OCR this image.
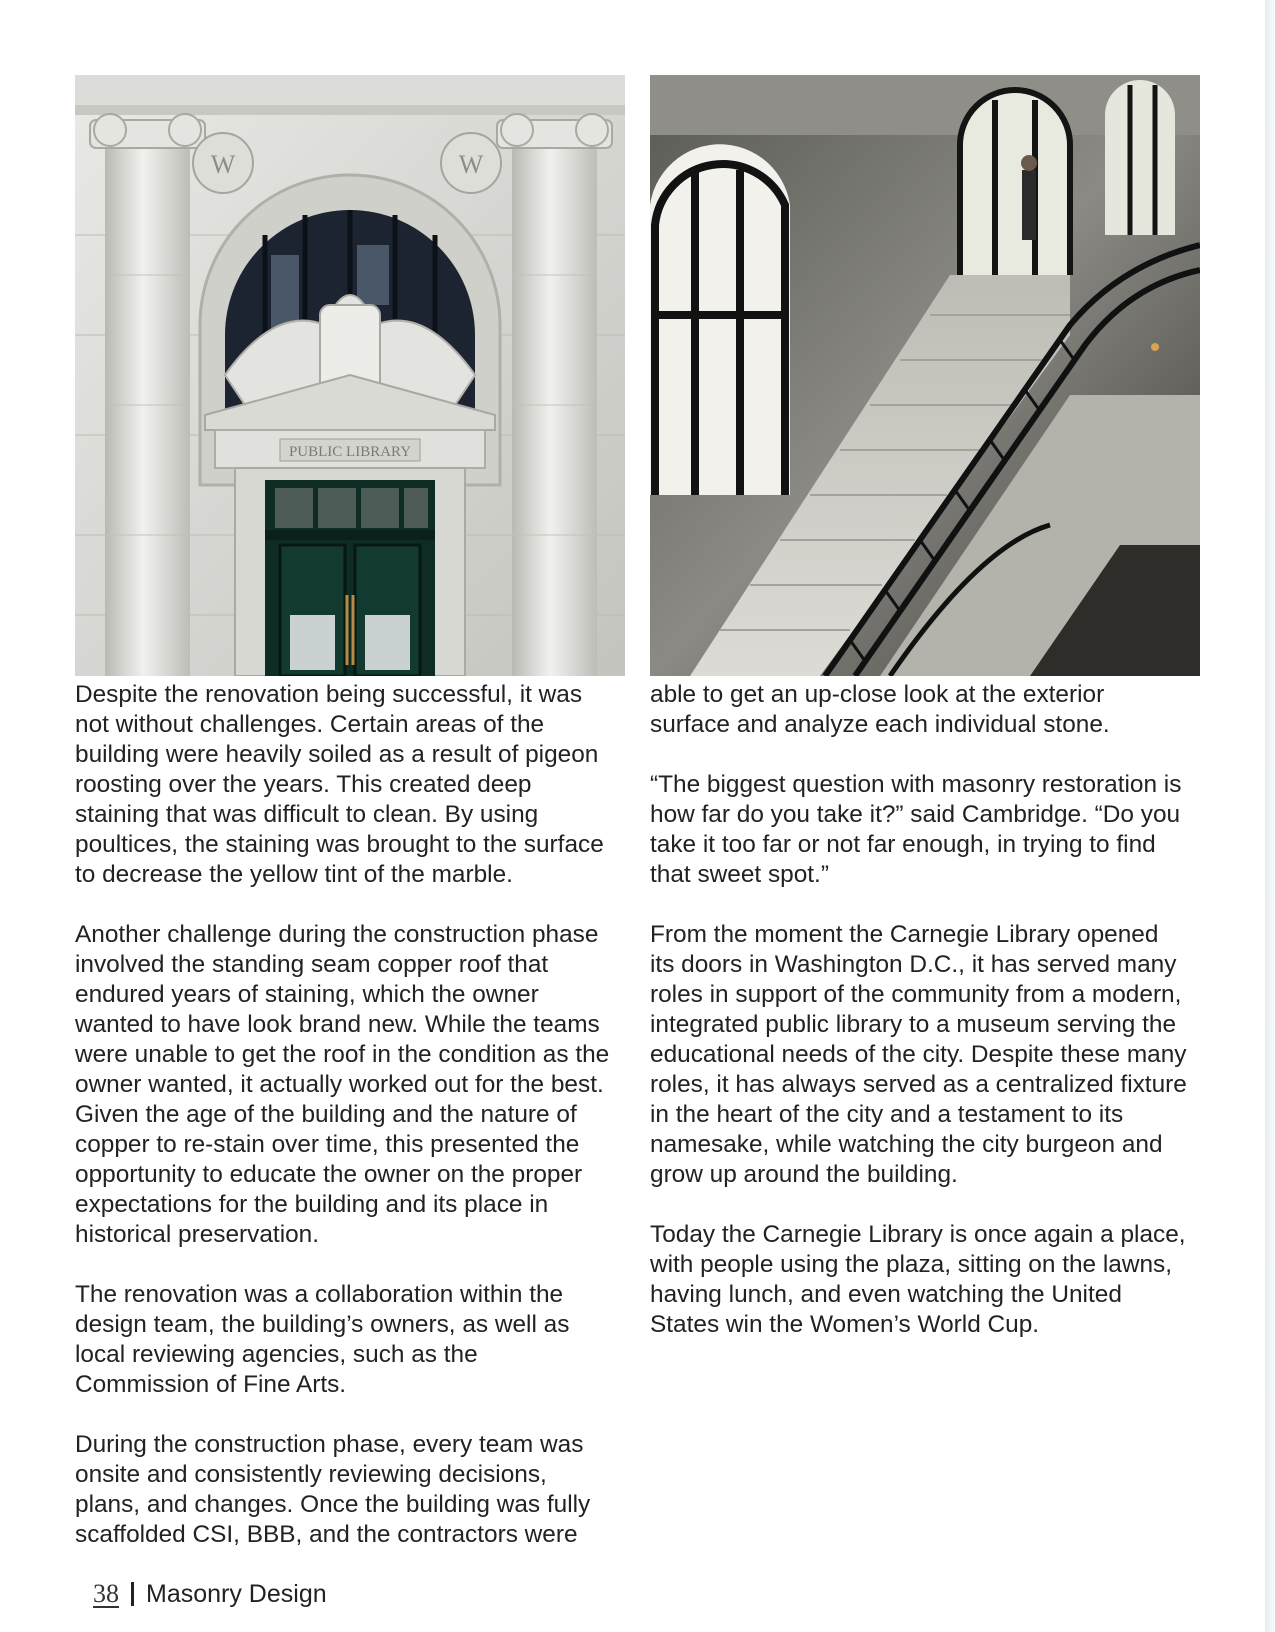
W	W
PUBLIC LIBRARY

Despite the renovation being successful, it was
not without challenges. Certain areas of the
building were heavily soiled as a result of pigeon
roosting over the years. This created deep
staining that was difficult to clean. By using
poultices, the staining was brought to the surface
to decrease the yellow tint of the marble.

Another challenge during the construction phase
involved the standing seam copper roof that
endured years of staining, which the owner
wanted to have look brand new. While the teams
were unable to get the roof in the condition as the
owner wanted, it actually worked out for the best.
Given the age of the building and the nature of
copper to re-stain over time, this presented the
opportunity to educate the owner on the proper
expectations for the building and its place in
historical preservation.

The renovation was a collaboration within the
design team, the building’s owners, as well as
local reviewing agencies, such as the
Commission of Fine Arts.

During the construction phase, every team was
onsite and consistently reviewing decisions,
plans, and changes. Once the building was fully
scaffolded CSI, BBB, and the contractors were

able to get an up-close look at the exterior
surface and analyze each individual stone.

“The biggest question with masonry restoration is
how far do you take it?” said Cambridge. “Do you
take it too far or not far enough, in trying to find
that sweet spot.”

From the moment the Carnegie Library opened
its doors in Washington D.C., it has served many
roles in support of the community from a modern,
integrated public library to a museum serving the
educational needs of the city. Despite these many
roles, it has always served as a centralized fixture
in the heart of the city and a testament to its
namesake, while watching the city burgeon and
grow up around the building.

Today the Carnegie Library is once again a place,
with people using the plaza, sitting on the lawns,
having lunch, and even watching the United
States win the Women’s World Cup.

38 Masonry Design
